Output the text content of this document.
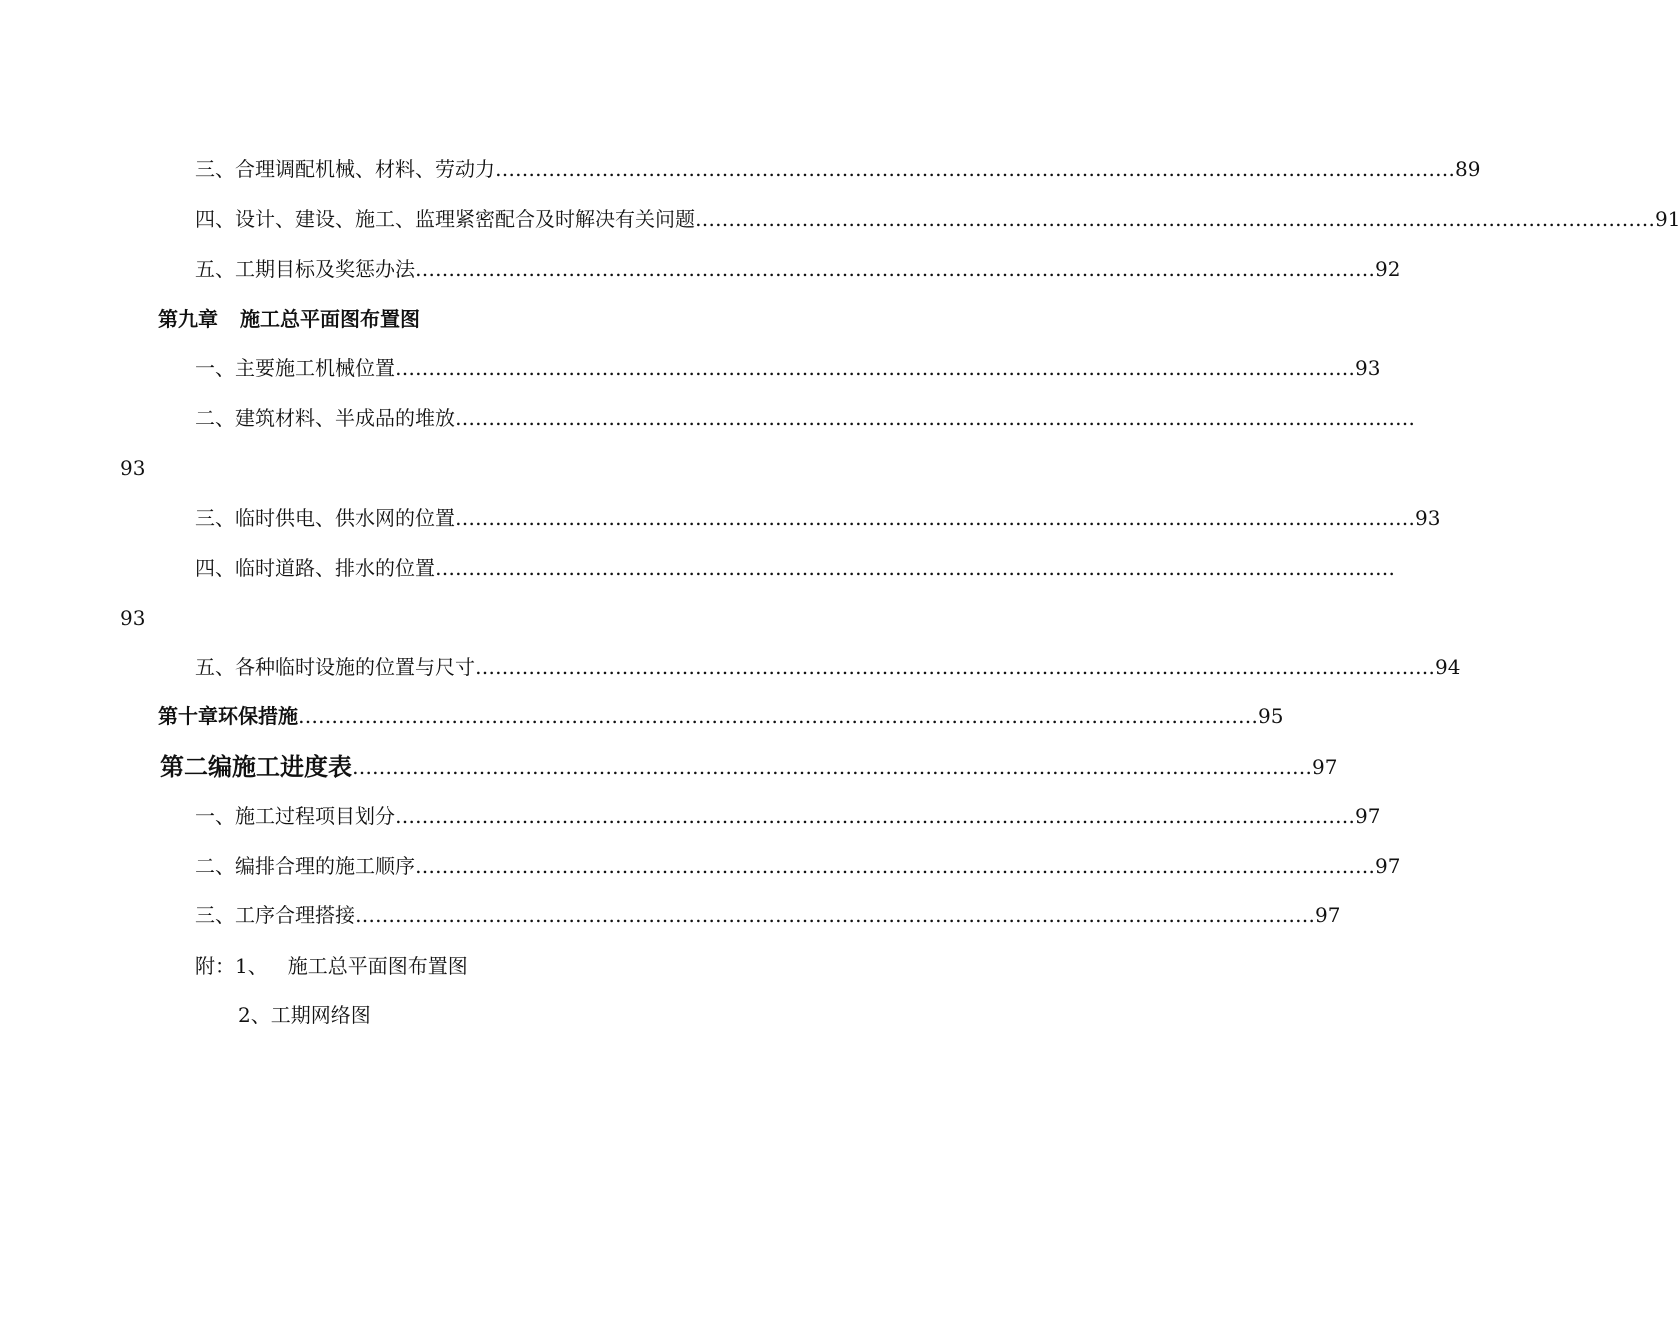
三、合理调配机械、材料、劳动力 ……………………………………………………………………………………………………………………………… 89
四、设计、建设、施工、监理紧密配合及时解决有关问题 ……………………………………………………………………………………………………………………………… 91
五、工期目标及奖惩办法 ……………………………………………………………………………………………………………………………… 92
第九章 施工总平面图布置图
一、主要施工机械位置 ……………………………………………………………………………………………………………………………… 93
二、建筑材料、半成品的堆放 ………………………………………………………………………………………………………………………………
93
三、临时供电、供水网的位置 ……………………………………………………………………………………………………………………………… 93
四、临时道路、排水的位置 ………………………………………………………………………………………………………………………………
93
五、各种临时设施的位置与尺寸 ……………………………………………………………………………………………………………………………… 94
第十章 环保措施 ……………………………………………………………………………………………………………………………… 95
第二编 施工进度表 ……………………………………………………………………………………………………………………………… 97
一、施工过程项目划分 ……………………………………………………………………………………………………………………………… 97
二、编排合理的施工顺序 ……………………………………………………………………………………………………………………………… 97
三、工序合理搭接 ……………………………………………………………………………………………………………………………… 97
附：1、 施工总平面图布置图
2、工期网络图
